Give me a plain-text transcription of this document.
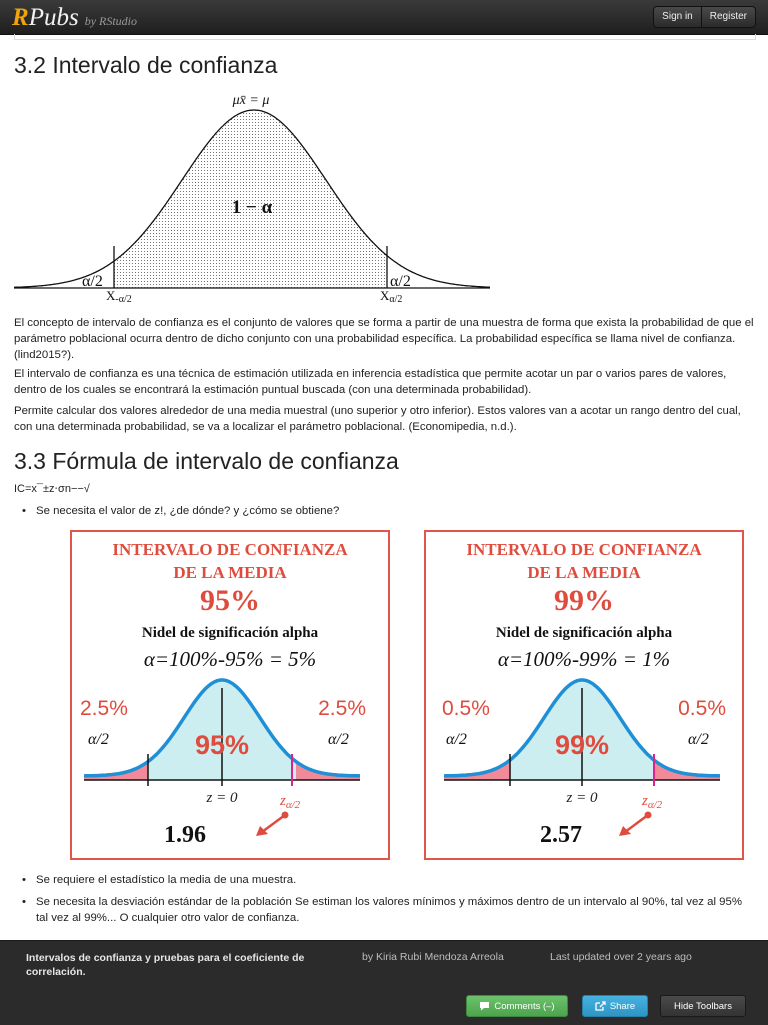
RPubs by RStudio	Sign in	Register
3.2 Intervalo de confianza
μx̄ = μ
1 − α
α/2	α/2
X-α/2	Xα/2

El concepto de intervalo de confianza es el conjunto de valores que se forma a partir de una muestra de forma que exista la probabilidad de que el parámetro poblacional ocurra dentro de dicho conjunto con una probabilidad específica. La probabilidad específica se llama nivel de confianza. (lind2015?).

El intervalo de confianza es una técnica de estimación utilizada en inferencia estadística que permite acotar un par o varios pares de valores, dentro de los cuales se encontrará la estimación puntual buscada (con una determinada probabilidad).

Permite calcular dos valores alrededor de una media muestral (uno superior y otro inferior). Estos valores van a acotar un rango dentro del cual, con una determinada probabilidad, se va a localizar el parámetro poblacional. (Economipedia, n.d.).

3.3 Fórmula de intervalo de confianza
IC=x¯±z⋅σn−−√
• Se necesita el valor de z!, ¿de dónde? y ¿cómo se obtiene?
INTERVALO DE CONFIANZA
DE LA MEDIA
95%
Nidel de significación alpha
α=100%-95% = 5%
2.5%	2.5%
α/2	α/2
95%
z = 0	$z_{\alpha/2}$
1.96
INTERVALO DE CONFIANZA
DE LA MEDIA
99%
Nidel de significación alpha
α=100%-99% = 1%
0.5%	0.5%
α/2	α/2
99%
z = 0	$z_{\alpha/2}$
2.57
• Se requiere el estadístico la media de una muestra.
• Se necesita la desviación estándar de la población Se estiman los valores mínimos y máximos dentro de un intervalo al 90%, tal vez al 95% tal vez al 99%... O cualquier otro valor de confianza.
Intervalos de confianza y pruebas para el coeficiente de correlación.
by Kiria Rubi Mendoza Arreola	Last updated over 2 years ago
Comments (–)	Share	Hide Toolbars
